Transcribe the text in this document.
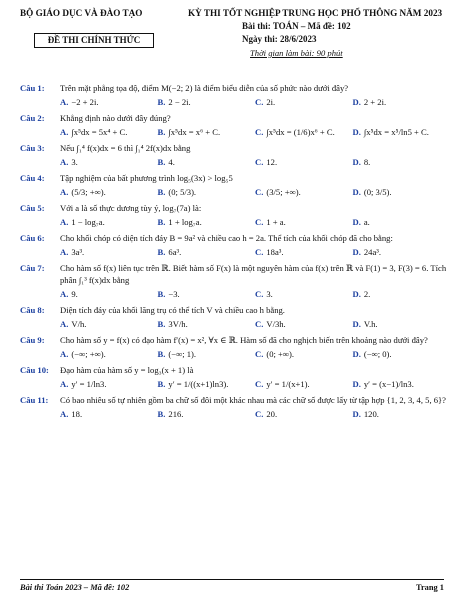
BỘ GIÁO DỤC VÀ ĐÀO TẠO	KỲ THI TỐT NGHIỆP TRUNG HỌC PHỔ THÔNG NĂM 2023
Bài thi: TOÁN – Mã đề: 102
ĐỀ THI CHÍNH THỨC	Ngày thi: 28/6/2023
Thời gian làm bài: 90 phút
Câu 1:	Trên mặt phẳng tọa độ, điểm M(−2; 2) là điểm biểu diễn của số phức nào dưới đây?
A. −2 + 2i.	B. 2 − 2i.	C. 2i.	D. 2 + 2i.
Câu 2:	Khẳng định nào dưới đây đúng?
A. ∫x⁵dx = 5x⁴ + C.	B. ∫x⁵dx = x⁶ + C.	C. ∫x⁵dx = (1/6)x⁶ + C.	D. ∫x⁵dx = x⁵/ln5 + C.
Câu 3:	Nếu ∫₁⁴ f(x)dx = 6 thì ∫₁⁴ 2f(x)dx bằng
A. 3.	B. 4.	C. 12.	D. 8.
Câu 4:	Tập nghiệm của bất phương trình log₅(3x) > log₅5
A. (5/3; +∞).	B. (0; 5/3).	C. (3/5; +∞).	D. (0; 3/5).
Câu 5:	Với a là số thực dương tùy ý, log₇(7a) là:
A. 1 − log₇a.	B. 1 + log₇a.	C. 1 + a.	D. a.
Câu 6:	Cho khối chóp có diện tích đáy B = 9a² và chiều cao h = 2a. Thể tích của khối chóp đã cho bằng:
A. 3a³.	B. 6a³.	C. 18a³.	D. 24a³.
Câu 7:	Cho hàm số f(x) liên tục trên ℝ. Biết hàm số F(x) là một nguyên hàm của f(x) trên ℝ và F(1) = 3, F(3) = 6. Tích phân ∫₁³ f(x)dx bằng
A. 9.	B. −3.	C. 3.	D. 2.
Câu 8:	Diện tích đáy của khối lăng trụ có thể tích V và chiều cao h bằng.
A. V/h.	B. 3V/h.	C. V/3h.	D. V.h.
Câu 9:	Cho hàm số y = f(x) có đạo hàm f′(x) = x², ∀x ∈ ℝ. Hàm số đã cho nghịch biến trên khoảng nào dưới đây?
A. (−∞; +∞).	B. (−∞; 1).	C. (0; +∞).	D. (−∞; 0).
Câu 10:	Đạo hàm của hàm số y = log₃(x + 1) là
A. y′ = 1/ln3.	B. y′ = 1/((x+1)ln3).	C. y′ = 1/(x+1).	D. y′ = (x−1)/ln3.
Câu 11:	Có bao nhiêu số tự nhiên gồm ba chữ số đôi một khác nhau mà các chữ số được lấy từ tập hợp {1, 2, 3, 4, 5, 6}?
A. 18.	B. 216.	C. 20.	D. 120.
Bài thi Toán 2023 – Mã đề: 102	Trang 1
